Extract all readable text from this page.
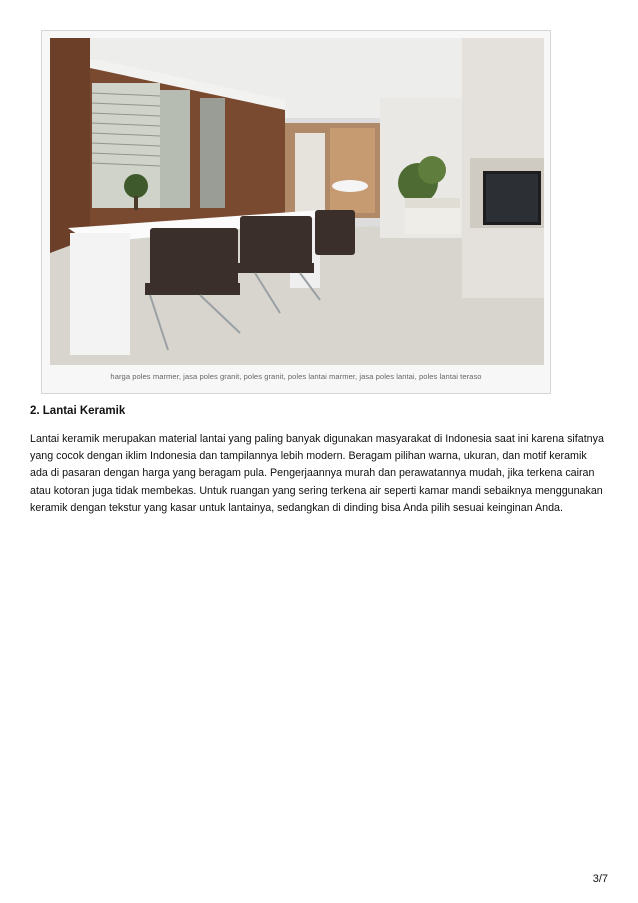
harga poles marmer, jasa poles granit, poles granit, poles lantai marmer, jasa poles lantai, poles lantai teraso
2. Lantai Keramik

Lantai keramik merupakan material lantai yang paling banyak digunakan masyarakat di Indonesia saat ini karena sifatnya yang cocok dengan iklim Indonesia dan tampilannya lebih modern. Beragam pilihan warna, ukuran, dan motif keramik ada di pasaran dengan harga yang beragam pula. Pengerjaannya murah dan perawatannya mudah, jika terkena cairan atau kotoran juga tidak membekas. Untuk ruangan yang sering terkena air seperti kamar mandi sebaiknya menggunakan keramik dengan tekstur yang kasar untuk lantainya, sedangkan di dinding bisa Anda pilih sesuai keinginan Anda.

3/7
